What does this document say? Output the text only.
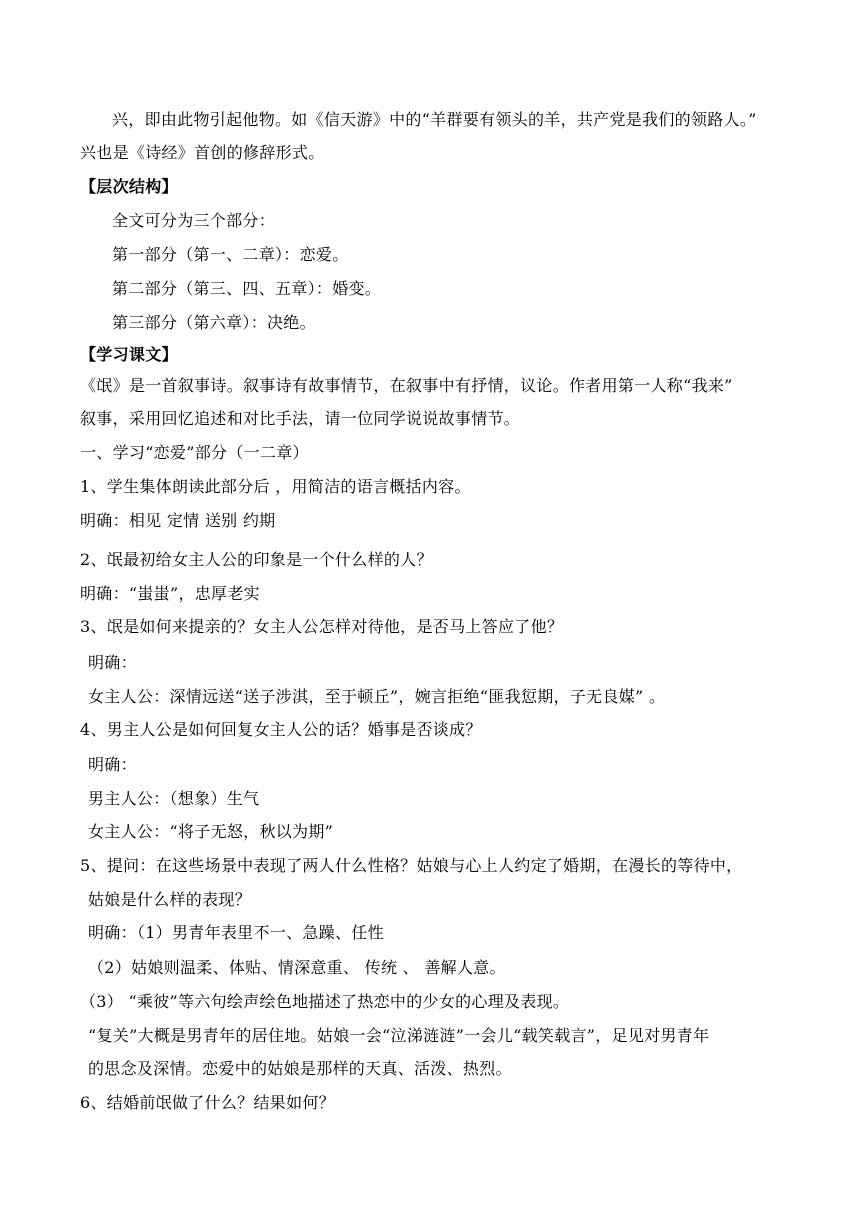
兴，即由此物引起他物。如《信天游》中的“羊群要有领头的羊，共产党是我们的领路人。”
兴也是《诗经》首创的修辞形式。
【层次结构】
全文可分为三个部分：
第一部分（第一、二章）：恋爱。
第二部分（第三、四、五章）：婚变。
第三部分（第六章）：决绝。
【学习课文】
《氓》是一首叙事诗。叙事诗有故事情节，在叙事中有抒情，议论。作者用第一人称“我来”
叙事，采用回忆追述和对比手法，请一位同学说说故事情节。
一、学习“恋爱”部分（一二章）
1、学生集体朗读此部分后 ，用简洁的语言概括内容。
明确：相见 定情 送别 约期
2、氓最初给女主人公的印象是一个什么样的人？
明确：“蚩蚩”，忠厚老实
3、氓是如何来提亲的？女主人公怎样对待他，是否马上答应了他？
明确：
女主人公：深情远送“送子涉淇，至于顿丘”，婉言拒绝“匪我愆期，子无良媒” 。
4、男主人公是如何回复女主人公的话？婚事是否谈成？
明确：
男主人公：（想象）生气
女主人公：“将子无怒，秋以为期”
5、提问：在这些场景中表现了两人什么性格？姑娘与心上人约定了婚期，在漫长的等待中，
姑娘是什么样的表现？
明确：（1）男青年表里不一、急躁、任性
（2）姑娘则温柔、体贴、情深意重、 传统 、 善解人意。
（3） “乘彼”等六句绘声绘色地描述了热恋中的少女的心理及表现。
“复关”大概是男青年的居住地。姑娘一会“泣涕涟涟”一会儿“载笑载言”，足见对男青年
的思念及深情。恋爱中的姑娘是那样的天真、活泼、热烈。
6、结婚前氓做了什么？结果如何？
